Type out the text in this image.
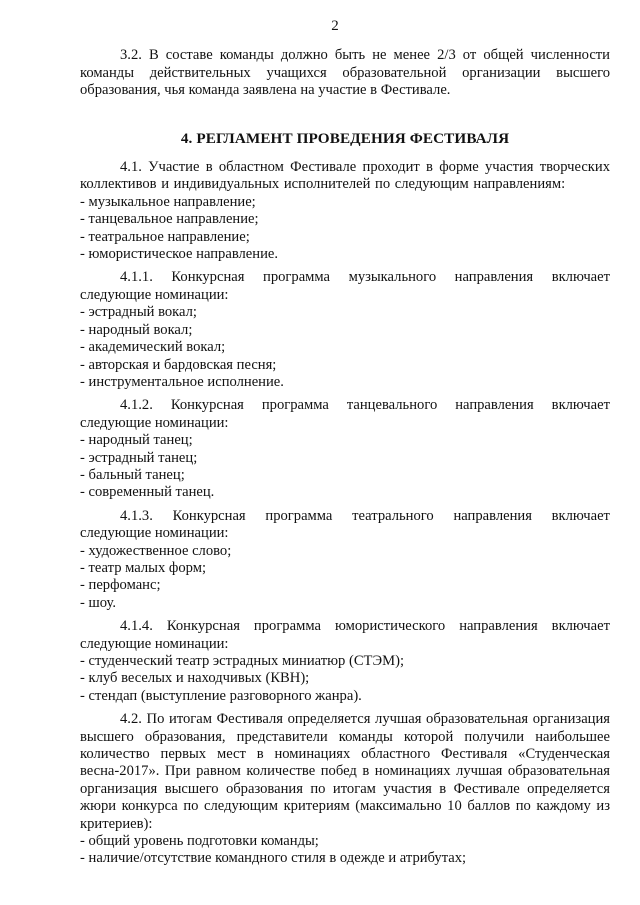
2

3.2. В составе команды должно быть не менее 2/3 от общей численности команды действительных учащихся образовательной организации высшего образования, чья команда заявлена на участие в Фестивале.

4. РЕГЛАМЕНТ ПРОВЕДЕНИЯ ФЕСТИВАЛЯ

4.1. Участие в областном Фестивале проходит в форме участия творческих коллективов и индивидуальных исполнителей по следующим направлениям:

- музыкальное направление;
- танцевальное направление;
- театральное направление;
- юмористическое направление.
4.1.1. Конкурсная программа музыкального направления включает

следующие номинации:

- эстрадный вокал;
- народный вокал;
- академический вокал;
- авторская и бардовская песня;
- инструментальное исполнение.
4.1.2. Конкурсная программа танцевального направления включает

следующие номинации:

- народный танец;
- эстрадный танец;
- бальный танец;
- современный танец.
4.1.3. Конкурсная программа театрального направления включает

следующие номинации:

- художественное слово;
- театр малых форм;
- перфоманс;
- шоу.
4.1.4. Конкурсная программа юмористического направления включает

следующие номинации:

- студенческий театр эстрадных миниатюр (СТЭМ);
- клуб веселых и находчивых (КВН);
- стендап (выступление разговорного жанра).

4.2. По итогам Фестиваля определяется лучшая образовательная организация высшего образования, представители команды которой получили наибольшее количество первых мест в номинациях областного Фестиваля «Студенческая весна-2017». При равном количестве побед в номинациях лучшая образовательная организация высшего образования по итогам участия в Фестивале определяется жюри конкурса по следующим критериям (максимально 10 баллов по каждому из критериев):

- общий уровень подготовки команды;
- наличие/отсутствие командного стиля в одежде и атрибутах;
